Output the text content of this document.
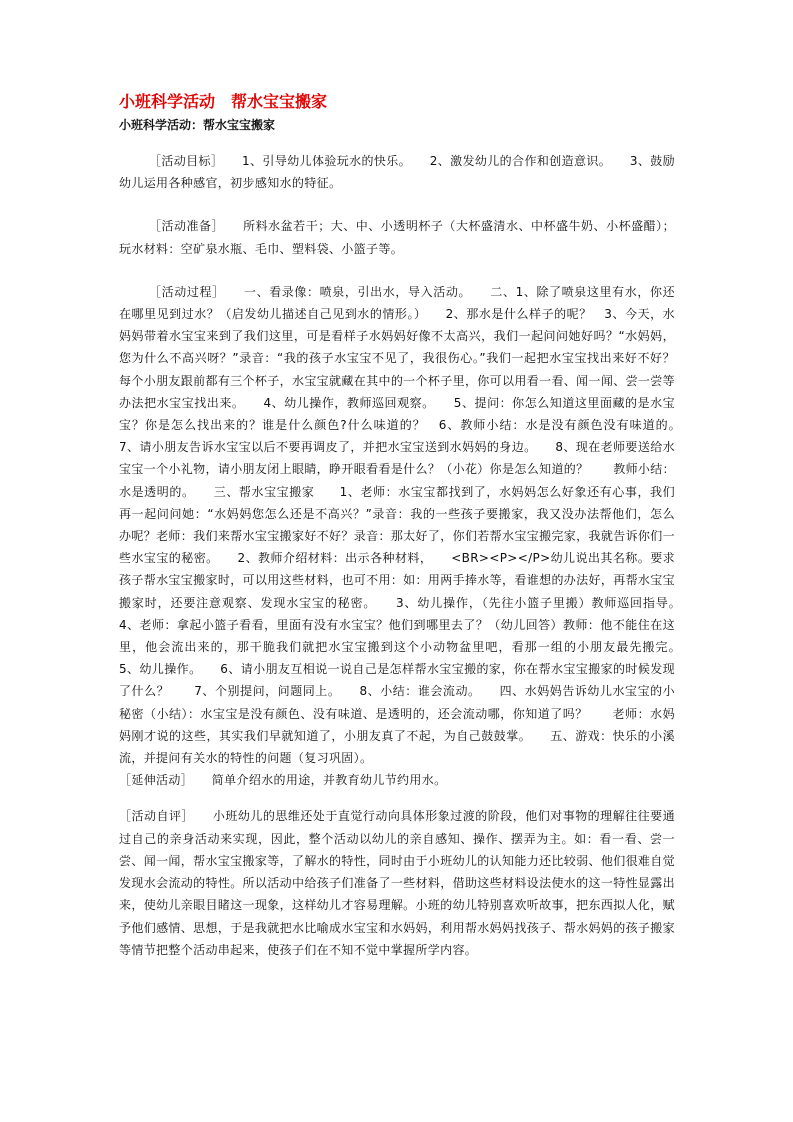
小班科学活动　帮水宝宝搬家
小班科学活动：帮水宝宝搬家

［活动目标］　　1、引导幼儿体验玩水的快乐。　　2、激发幼儿的合作和创造意识。　　3、鼓励幼儿运用各种感官，初步感知水的特征。

［活动准备］　　所料水盆若干；大、中、小透明杯子（大杯盛清水、中杯盛牛奶、小杯盛醋）；玩水材料：空矿泉水瓶、毛巾、塑料袋、小篮子等。

［活动过程］　　一、看录像：喷泉，引出水，导入活动。　　二、1、除了喷泉这里有水，你还在哪里见到过水？（启发幼儿描述自己见到水的情形。）　　2、那水是什么样子的呢？　3、今天，水妈妈带着水宝宝来到了我们这里，可是看样子水妈妈好像不太高兴，我们一起问问她好吗？“水妈妈，您为什么不高兴呀？”录音：“我的孩子水宝宝不见了，我很伤心。”我们一起把水宝宝找出来好不好？每个小朋友跟前都有三个杯子，水宝宝就藏在其中的一个杯子里，你可以用看一看、闻一闻、尝一尝等办法把水宝宝找出来。　　4、幼儿操作，教师巡回观察。　　5、提问：你怎么知道这里面藏的是水宝宝？你是怎么找出来的？谁是什么颜色?什么味道的？　6、教师小结：水是没有颜色没有味道的。　　7、请小朋友告诉水宝宝以后不要再调皮了，并把水宝宝送到水妈妈的身边。　　8、现在老师要送给水宝宝一个小礼物，请小朋友闭上眼睛，睁开眼看看是什么？（小花）你是怎么知道的？　　教师小结：水是透明的。　　三、帮水宝宝搬家　　1、老师：水宝宝都找到了，水妈妈怎么好象还有心事，我们再一起问问她：“水妈妈您怎么还是不高兴？”录音：我的一些孩子要搬家，我又没办法帮他们，怎么办呢？老师：我们来帮水宝宝搬家好不好？录音：那太好了，你们若帮水宝宝搬完家，我就告诉你们一些水宝宝的秘密。　　2、教师介绍材料：出示各种材料，　　<BR><P></P>幼儿说出其名称。要求孩子帮水宝宝搬家时，可以用这些材料，也可不用：如：用两手捧水等，看谁想的办法好，再帮水宝宝搬家时，还要注意观察、发现水宝宝的秘密。　　3、幼儿操作，（先往小篮子里搬）教师巡回指导。　　4、老师：拿起小篮子看看，里面有没有水宝宝？他们到哪里去了？（幼儿回答）教师：他不能住在这里，他会流出来的，那干脆我们就把水宝宝搬到这个小动物盆里吧，看那一组的小朋友最先搬完。　　5、幼儿操作。　　6、请小朋友互相说一说自己是怎样帮水宝宝搬的家，你在帮水宝宝搬家的时候发现了什么？　　7、个别提问，问题同上。　　8、小结：谁会流动。　　四、水妈妈告诉幼儿水宝宝的小秘密（小结）：水宝宝是没有颜色、没有味道、是透明的，还会流动哪，你知道了吗？　　老师：水妈妈刚才说的这些，其实我们早就知道了，小朋友真了不起，为自己鼓鼓掌。　　五、游戏：快乐的小溪流，并提问有关水的特性的问题（复习巩固）。

［延伸活动］　　简单介绍水的用途，并教育幼儿节约用水。

［活动自评］　　小班幼儿的思维还处于直觉行动向具体形象过渡的阶段，他们对事物的理解往往要通过自己的亲身活动来实现，因此，整个活动以幼儿的亲自感知、操作、摆弄为主。如：看一看、尝一尝、闻一闻，帮水宝宝搬家等，了解水的特性，同时由于小班幼儿的认知能力还比较弱、他们很难自觉发现水会流动的特性。所以活动中给孩子们准备了一些材料，借助这些材料设法使水的这一特性显露出来，使幼儿亲眼目睹这一现象，这样幼儿才容易理解。小班的幼儿特别喜欢听故事，把东西拟人化，赋予他们感情、思想，于是我就把水比喻成水宝宝和水妈妈，利用帮水妈妈找孩子、帮水妈妈的孩子搬家等情节把整个活动串起来，使孩子们在不知不觉中掌握所学内容。
